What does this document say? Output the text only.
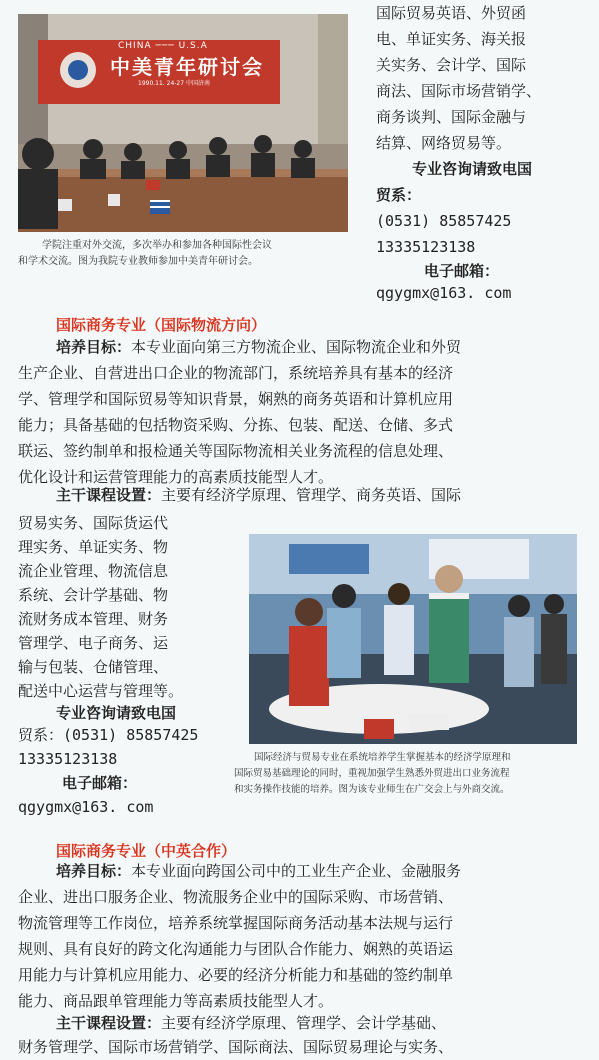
CHINA ─── U.S.A
中美青年研讨会
1990.11. 24-27 中国济南

学院注重对外交流，多次举办和参加各种国际性会议

和学术交流。图为我院专业教师参加中美青年研讨会。

国际贸易英语、外贸函
电、单证实务、海关报
关实务、会计学、国际
商法、国际市场营销学、
商务谈判、国际金融与
结算、网络贸易等。
专业咨询请致电国
贸系：
(0531) 85857425
13335123138
电子邮箱：
qgygmx@163. com
国际商务专业（国际物流方向）
培养目标：本专业面向第三方物流企业、国际物流企业和外贸
生产企业、自营进出口企业的物流部门，系统培养具有基本的经济
学、管理学和国际贸易等知识背景，娴熟的商务英语和计算机应用
能力；具备基础的包括物资采购、分拣、包装、配送、仓储、多式
联运、签约制单和报检通关等国际物流相关业务流程的信息处理、
优化设计和运营管理能力的高素质技能型人才。
主干课程设置：主要有经济学原理、管理学、商务英语、国际
贸易实务、国际货运代
理实务、单证实务、物
流企业管理、物流信息
系统、会计学基础、物
流财务成本管理、财务
管理学、电子商务、运
输与包装、仓储管理、
配送中心运营与管理等。
专业咨询请致电国
贸系：(0531) 85857425
13335123138
电子邮箱：
qgygmx@163. com

国际经济与贸易专业在系统培养学生掌握基本的经济学原理和

国际贸易基础理论的同时，重视加强学生熟悉外贸进出口业务流程

和实务操作技能的培养。图为该专业师生在广交会上与外商交流。

国际商务专业（中英合作）
培养目标：本专业面向跨国公司中的工业生产企业、金融服务
企业、进出口服务企业、物流服务企业中的国际采购、市场营销、
物流管理等工作岗位，培养系统掌握国际商务活动基本法规与运行
规则、具有良好的跨文化沟通能力与团队合作能力、娴熟的英语运
用能力与计算机应用能力、必要的经济分析能力和基础的签约制单
能力、商品跟单管理能力等高素质技能型人才。
主干课程设置：主要有经济学原理、管理学、会计学基础、
财务管理学、国际市场营销学、国际商法、国际贸易理论与实务、
